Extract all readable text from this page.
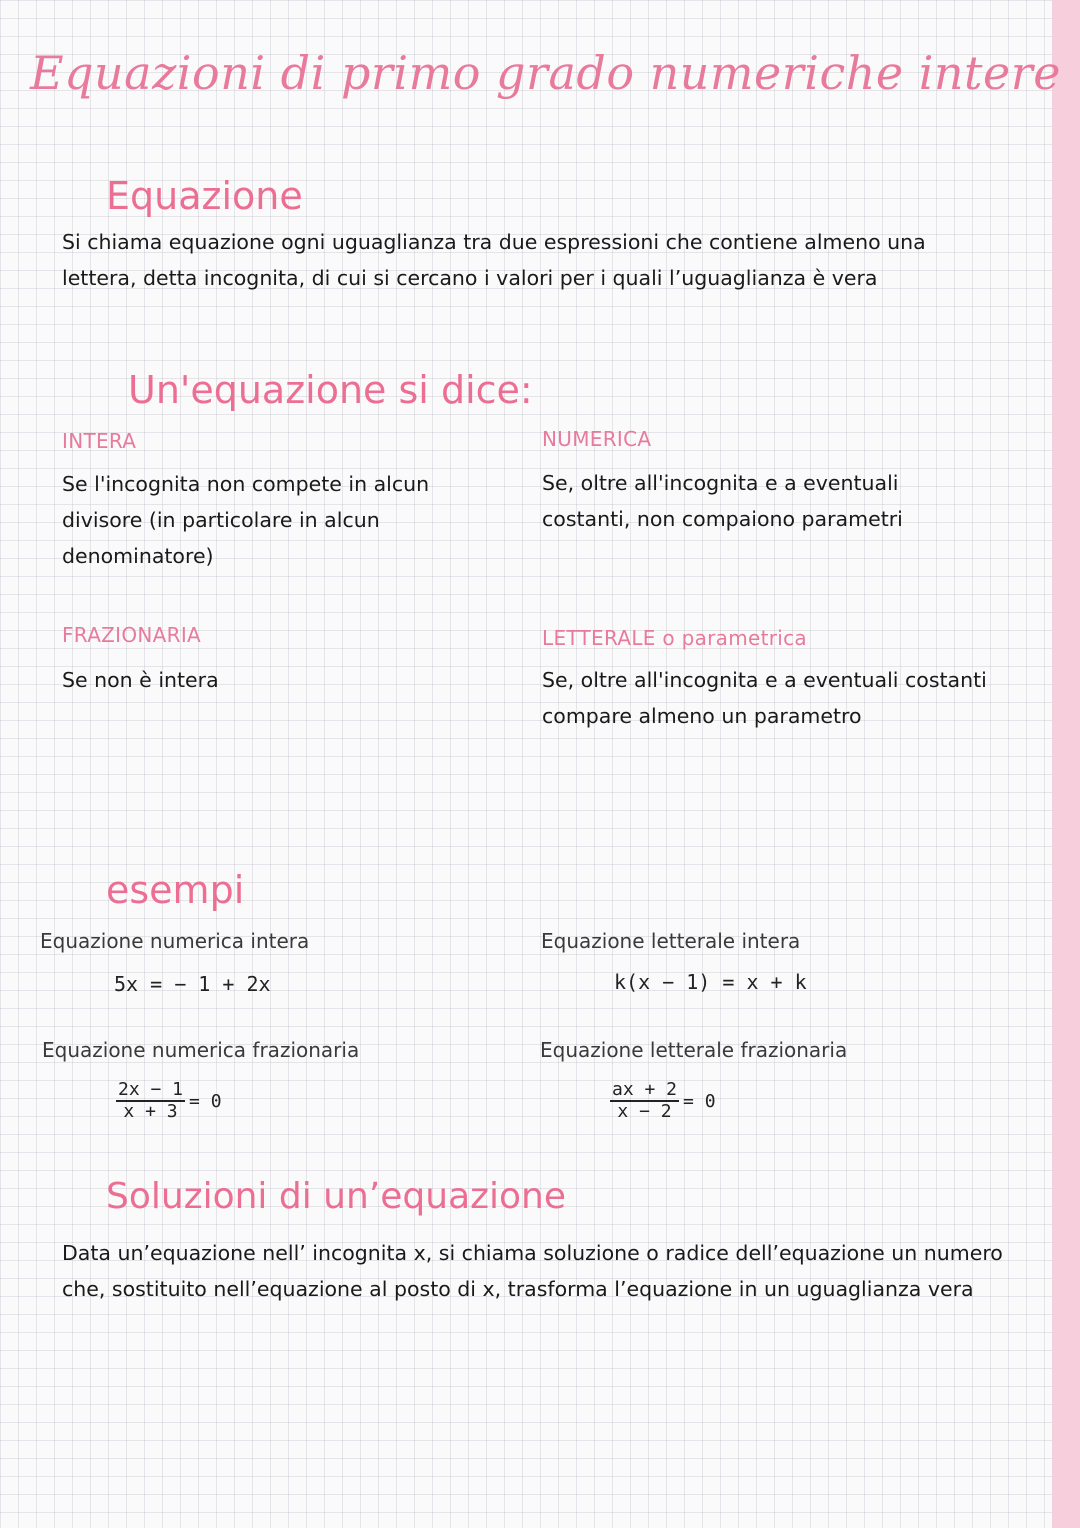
Equazioni di primo grado numeriche intere
Equazione

Si chiama equazione ogni uguaglianza tra due espressioni che contiene almeno una lettera, detta incognita, di cui si cercano i valori per i quali l’uguaglianza è vera

Un'equazione si dice:

INTERA

Se l'incognita non compete in alcun divisore (in particolare in alcun denominatore)

NUMERICA

Se, oltre all'incognita e a eventuali costanti, non compaiono parametri

FRAZIONARIA

Se non è intera

LETTERALE o parametrica

Se, oltre all'incognita e a eventuali costanti compare almeno un parametro

esempi

Equazione numerica intera

5x = − 1 + 2x

Equazione letterale intera

k(x − 1) = x + k

Equazione numerica frazionaria

$\frac{2x - 1}{x + 3} = 0$

Equazione letterale frazionaria

$\frac{ax + 2}{x - 2} = 0$
Soluzioni di un’equazione

Data un’equazione nell’ incognita x, si chiama soluzione o radice dell’equazione un numero che, sostituito nell’equazione al posto di x, trasforma l’equazione in un uguaglianza vera
